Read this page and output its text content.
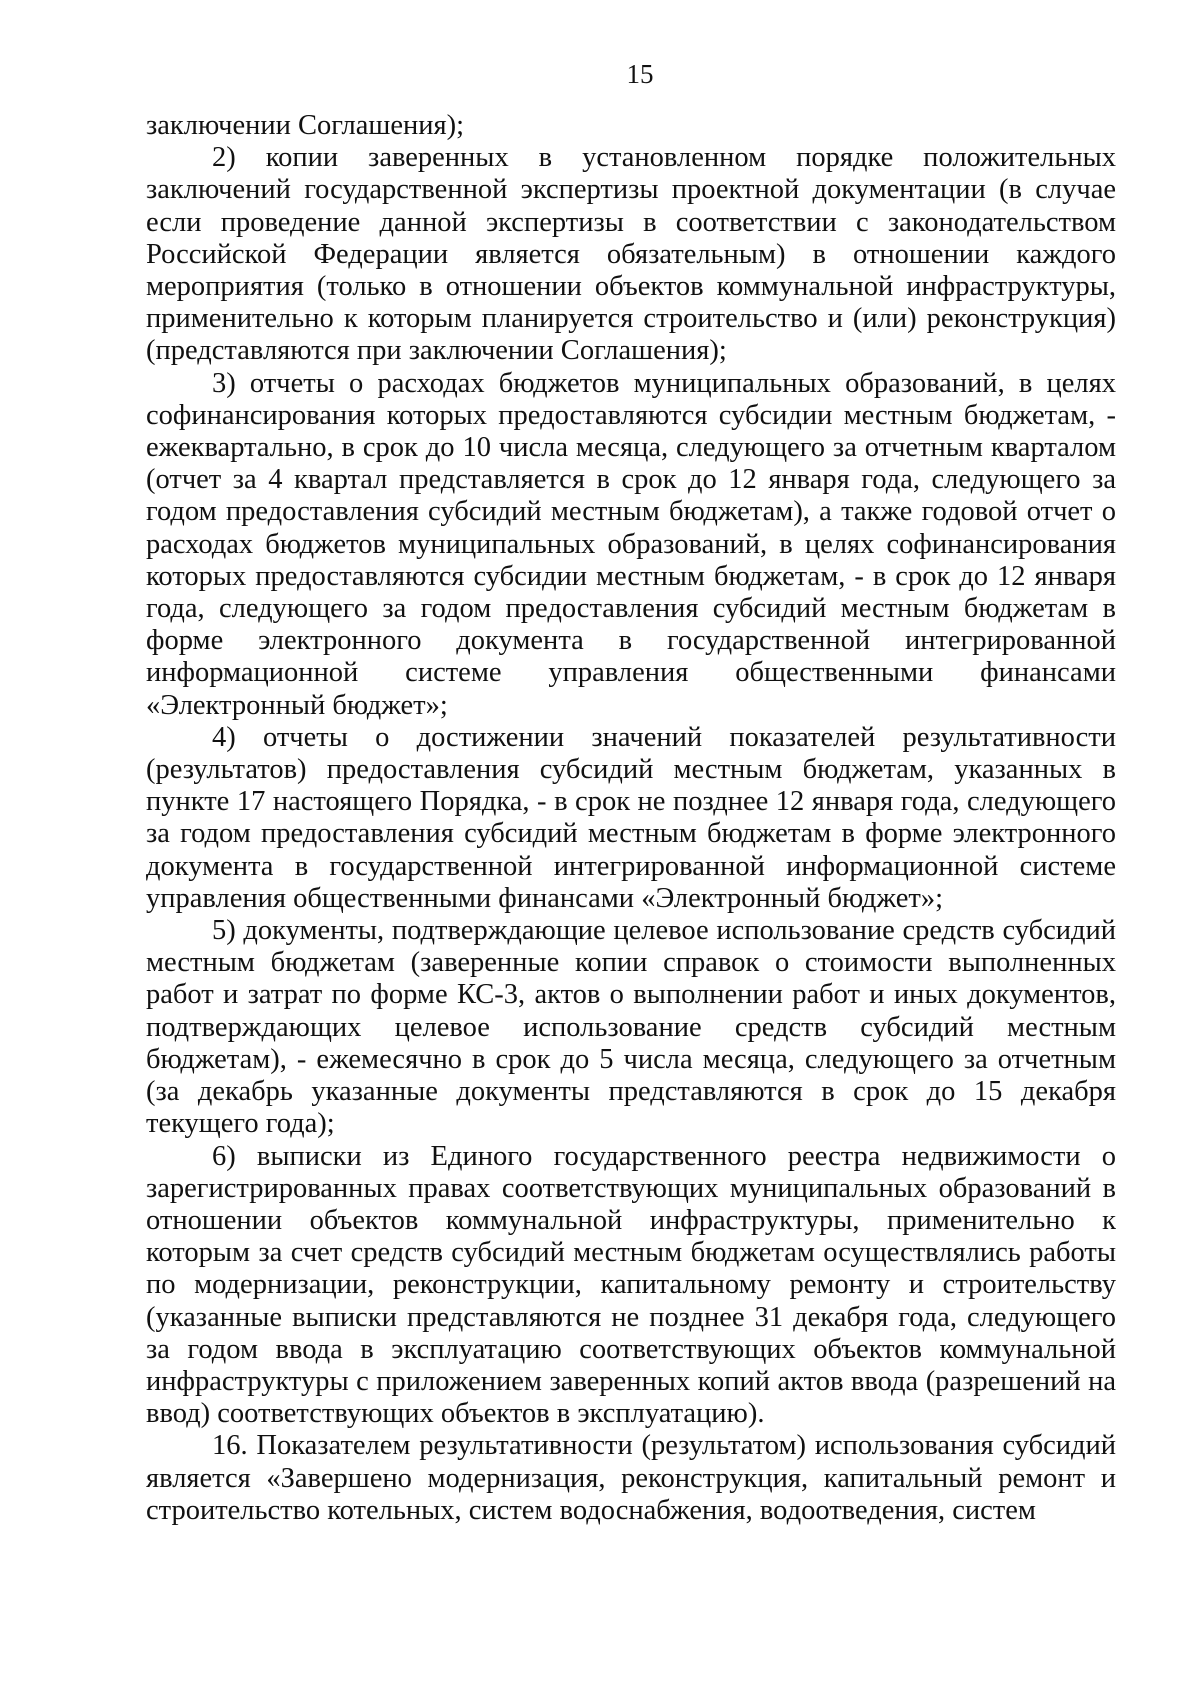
15

заключении Соглашения);

2) копии заверенных в установленном порядке положительных заключений государственной экспертизы проектной документации (в случае если проведение данной экспертизы в соответствии с законодательством Российской Федерации является обязательным) в отношении каждого мероприятия (только в отношении объектов коммунальной инфраструктуры, применительно к которым планируется строительство и (или) реконструкция) (представляются при заключении Соглашения);

3) отчеты о расходах бюджетов муниципальных образований, в целях софинансирования которых предоставляются субсидии местным бюджетам, - ежеквартально, в срок до 10 числа месяца, следующего за отчетным кварталом (отчет за 4 квартал представляется в срок до 12 января года, следующего за годом предоставления субсидий местным бюджетам), а также годовой отчет о расходах бюджетов муниципальных образований, в целях софинансирования которых предоставляются субсидии местным бюджетам, - в срок до 12 января года, следующего за годом предоставления субсидий местным бюджетам в форме электронного документа в государственной интегрированной информационной системе управления общественными финансами «Электронный бюджет»;

4) отчеты о достижении значений показателей результативности (результатов) предоставления субсидий местным бюджетам, указанных в пункте 17 настоящего Порядка, - в срок не позднее 12 января года, следующего за годом предоставления субсидий местным бюджетам в форме электронного документа в государственной интегрированной информационной системе управления общественными финансами «Электронный бюджет»;

5) документы, подтверждающие целевое использование средств субсидий местным бюджетам (заверенные копии справок о стоимости выполненных работ и затрат по форме КС-3, актов о выполнении работ и иных документов, подтверждающих целевое использование средств субсидий местным бюджетам), - ежемесячно в срок до 5 числа месяца, следующего за отчетным (за декабрь указанные документы представляются в срок до 15 декабря текущего года);

6) выписки из Единого государственного реестра недвижимости о зарегистрированных правах соответствующих муниципальных образований в отношении объектов коммунальной инфраструктуры, применительно к которым за счет средств субсидий местным бюджетам осуществлялись работы по модернизации, реконструкции, капитальному ремонту и строительству (указанные выписки представляются не позднее 31 декабря года, следующего за годом ввода в эксплуатацию соответствующих объектов коммунальной инфраструктуры с приложением заверенных копий актов ввода (разрешений на ввод) соответствующих объектов в эксплуатацию).

16. Показателем результативности (результатом) использования субсидий является «Завершено модернизация, реконструкция, капитальный ремонт и строительство котельных, систем водоснабжения, водоотведения, систем
